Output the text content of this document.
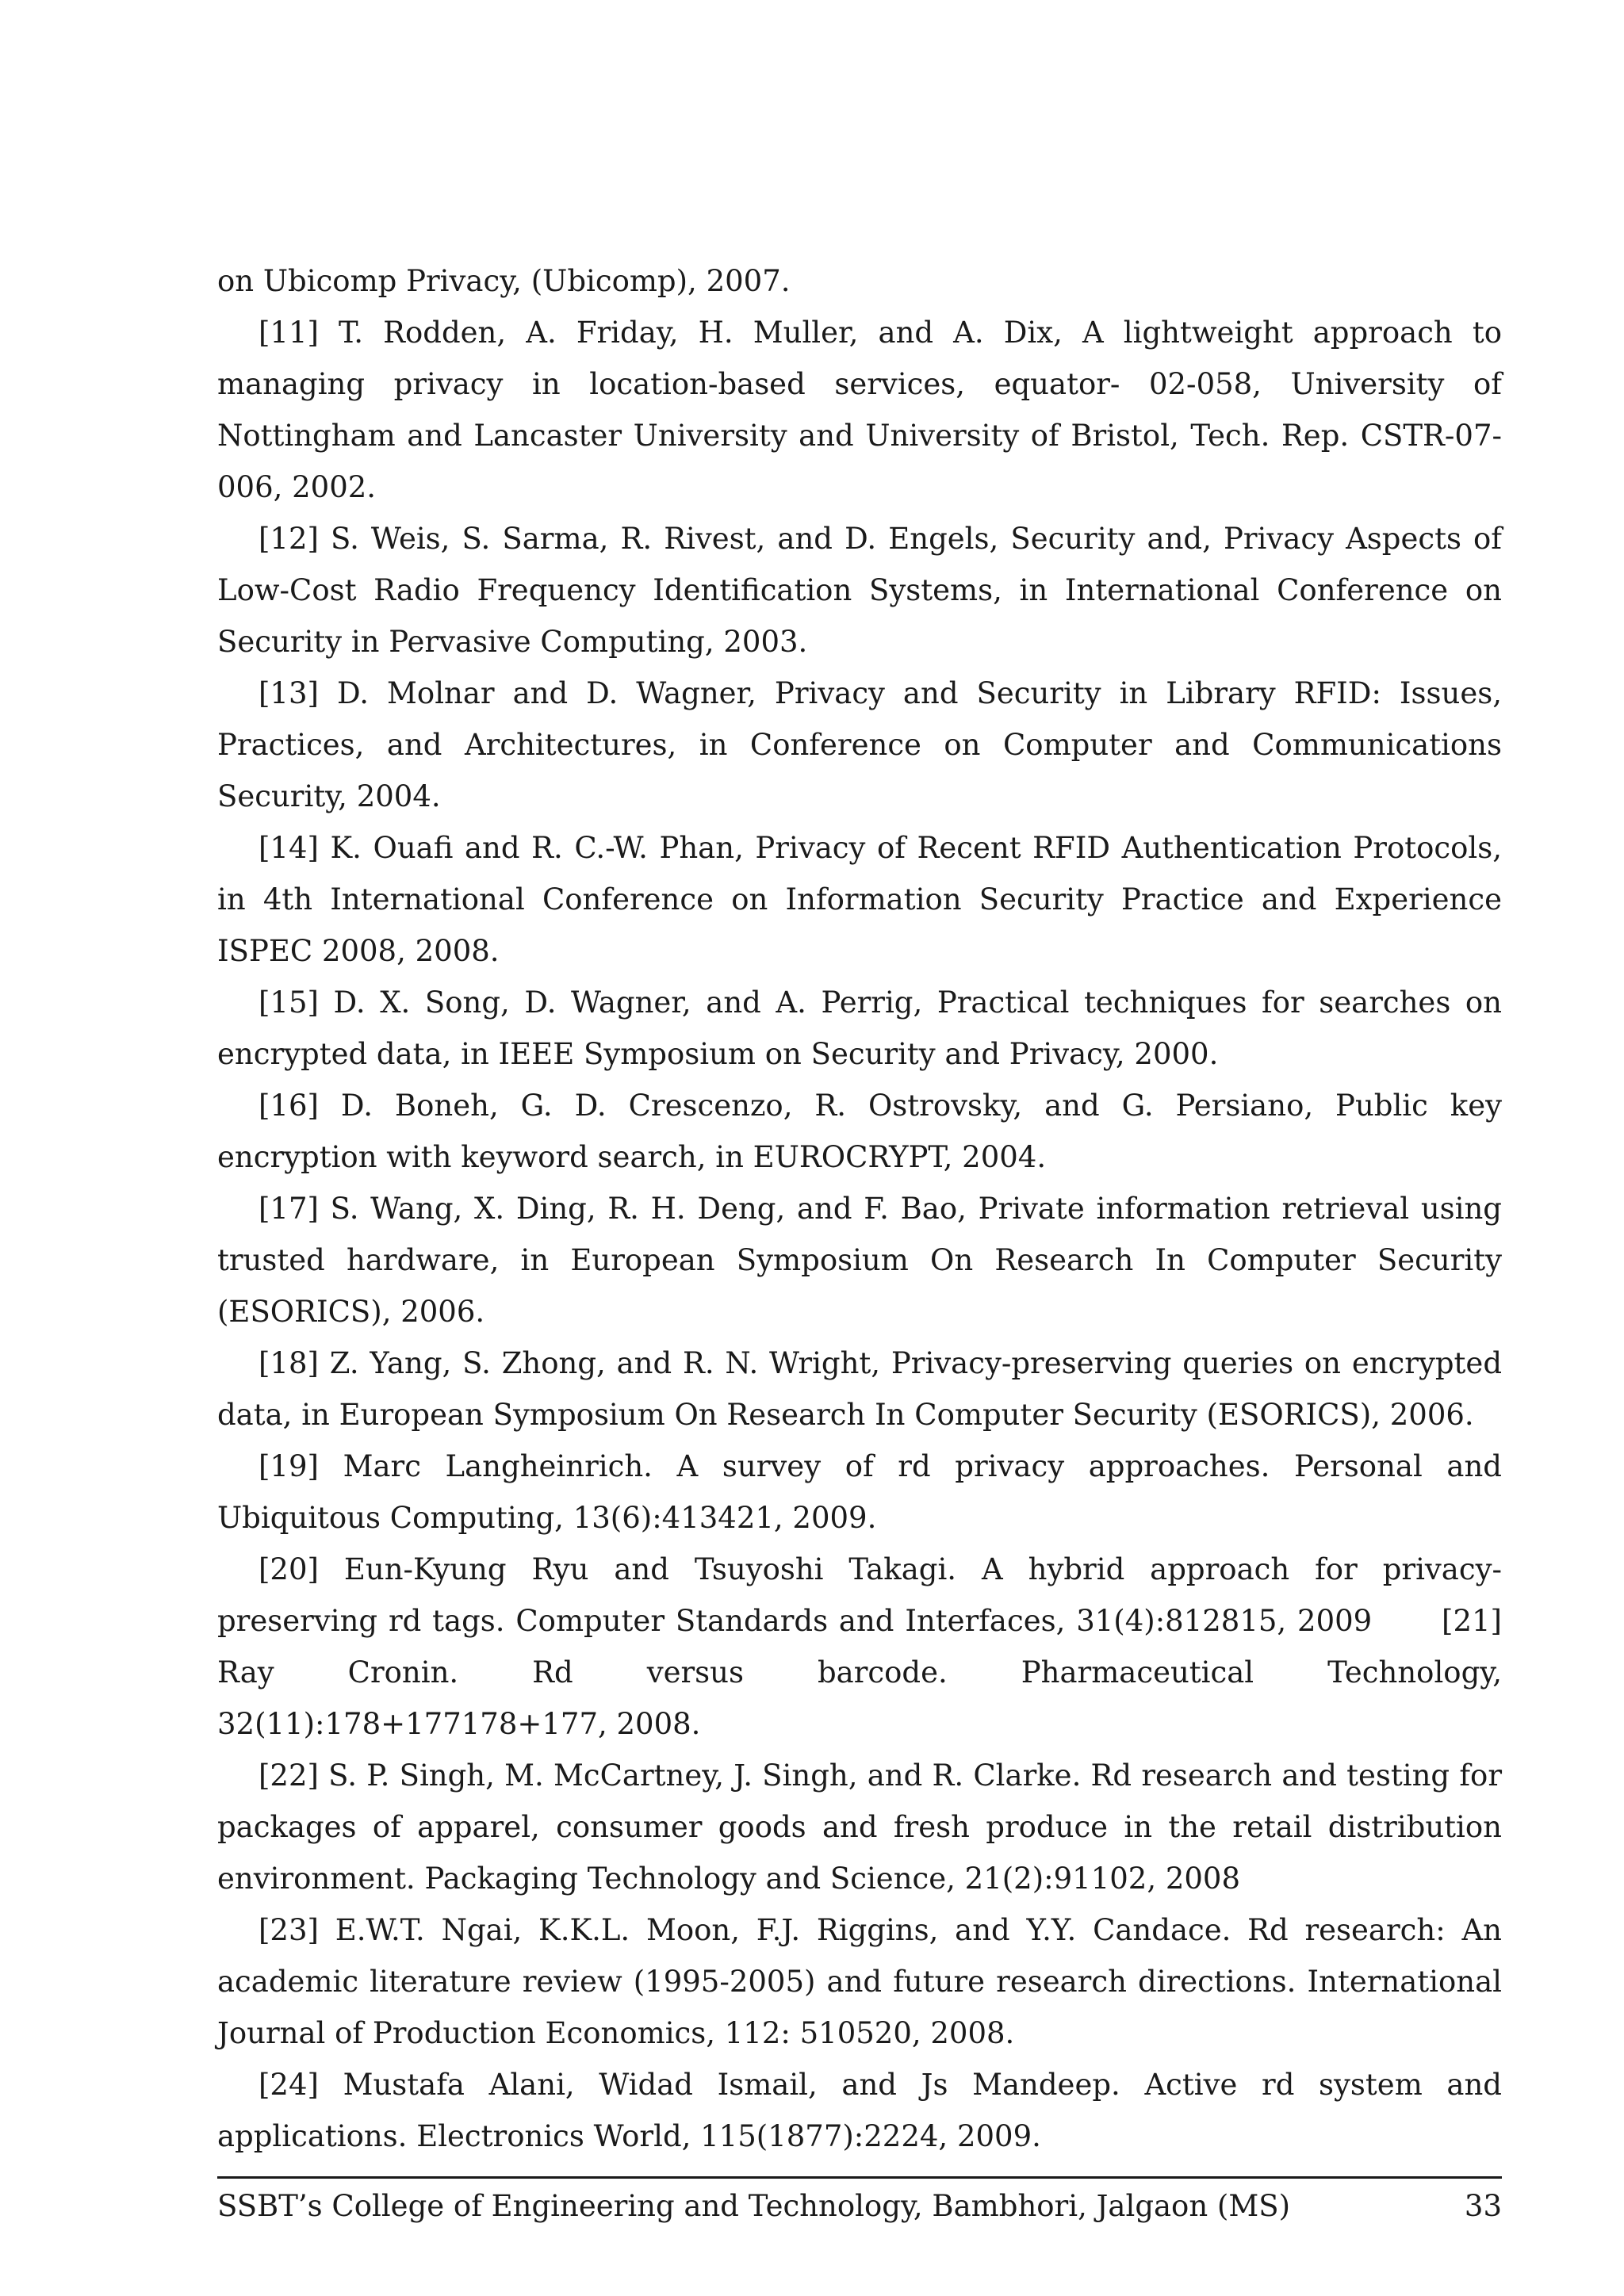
on Ubicomp Privacy, (Ubicomp), 2007.

[11] T. Rodden, A. Friday, H. Muller, and A. Dix, A lightweight approach to managing privacy in location-based services, equator- 02-058, University of Nottingham and Lancaster University and University of Bristol, Tech. Rep. CSTR-07-006, 2002.

[12] S. Weis, S. Sarma, R. Rivest, and D. Engels, Security and, Privacy Aspects of Low-Cost Radio Frequency Identification Systems, in International Conference on Security in Pervasive Computing, 2003.

[13] D. Molnar and D. Wagner, Privacy and Security in Library RFID: Issues, Practices, and Architectures, in Conference on Computer and Communications Security, 2004.

[14] K. Ouafi and R. C.-W. Phan, Privacy of Recent RFID Authentication Protocols, in 4th International Conference on Information Security Practice and Experience ISPEC 2008, 2008.

[15] D. X. Song, D. Wagner, and A. Perrig, Practical techniques for searches on encrypted data, in IEEE Symposium on Security and Privacy, 2000.

[16] D. Boneh, G. D. Crescenzo, R. Ostrovsky, and G. Persiano, Public key encryption with keyword search, in EUROCRYPT, 2004.

[17] S. Wang, X. Ding, R. H. Deng, and F. Bao, Private information retrieval using trusted hardware, in European Symposium On Research In Computer Security (ESORICS), 2006.

[18] Z. Yang, S. Zhong, and R. N. Wright, Privacy-preserving queries on encrypted data, in European Symposium On Research In Computer Security (ESORICS), 2006.

[19] Marc Langheinrich. A survey of rd privacy approaches. Personal and Ubiquitous Computing, 13(6):413421, 2009.

[20] Eun-Kyung Ryu and Tsuyoshi Takagi. A hybrid approach for privacy-preserving rd tags. Computer Standards and Interfaces, 31(4):812815, 2009   [21] Ray Cronin. Rd versus barcode. Pharmaceutical Technology, 32(11):178+177178+177, 2008.

[22] S. P. Singh, M. McCartney, J. Singh, and R. Clarke. Rd research and testing for packages of apparel, consumer goods and fresh produce in the retail distribution environment. Packaging Technology and Science, 21(2):91102, 2008

[23] E.W.T. Ngai, K.K.L. Moon, F.J. Riggins, and Y.Y. Candace. Rd research: An academic literature review (1995-2005) and future research directions. International Journal of Production Economics, 112: 510520, 2008.

[24] Mustafa Alani, Widad Ismail, and Js Mandeep. Active rd system and applications. Electronics World, 115(1877):2224, 2009.

SSBT’s College of Engineering and Technology, Bambhori, Jalgaon (MS)	33
